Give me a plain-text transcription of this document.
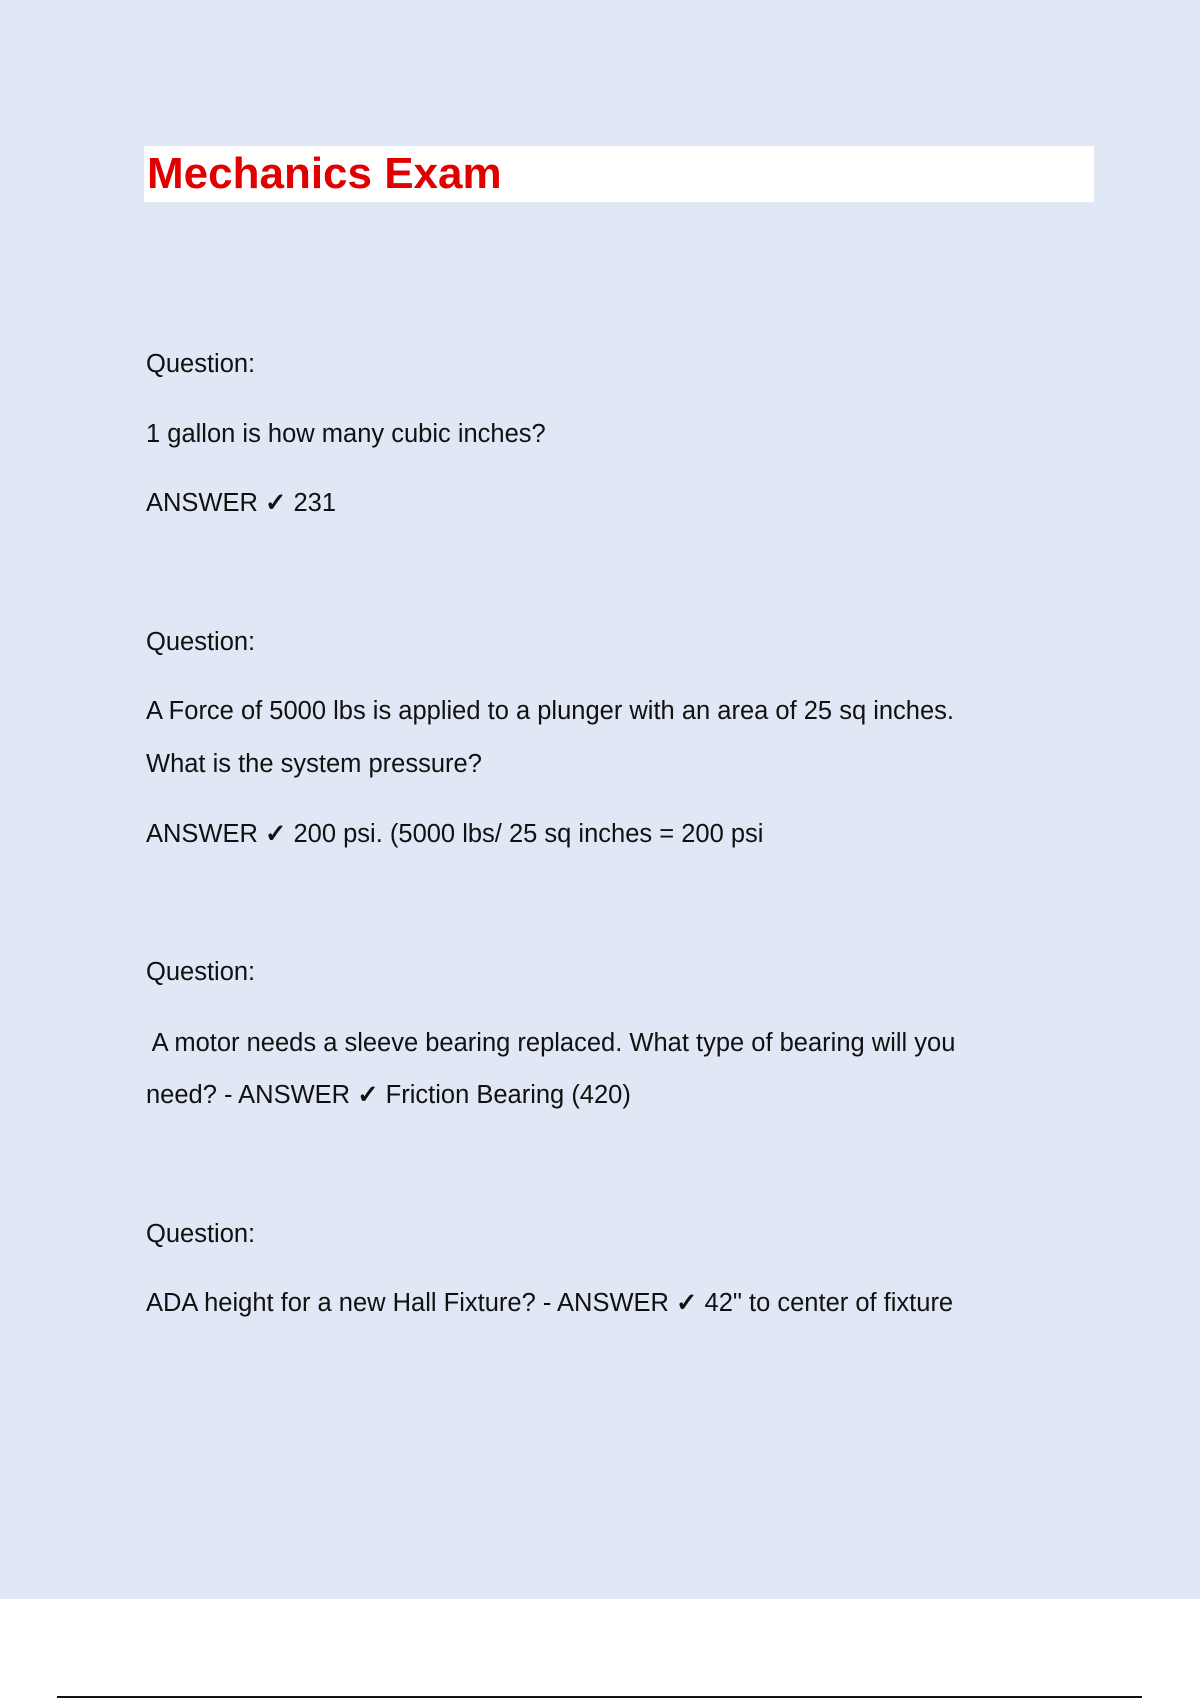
Mechanics Exam
Question:
1 gallon is how many cubic inches?
ANSWER ✓ 231
Question:
A Force of 5000 lbs is applied to a plunger with an area of 25 sq inches.
What is the system pressure?
ANSWER ✓ 200 psi. (5000 lbs/ 25 sq inches = 200 psi
Question:
A motor needs a sleeve bearing replaced. What type of bearing will you
need? - ANSWER ✓ Friction Bearing (420)
Question:
ADA height for a new Hall Fixture? - ANSWER ✓ 42" to center of fixture
